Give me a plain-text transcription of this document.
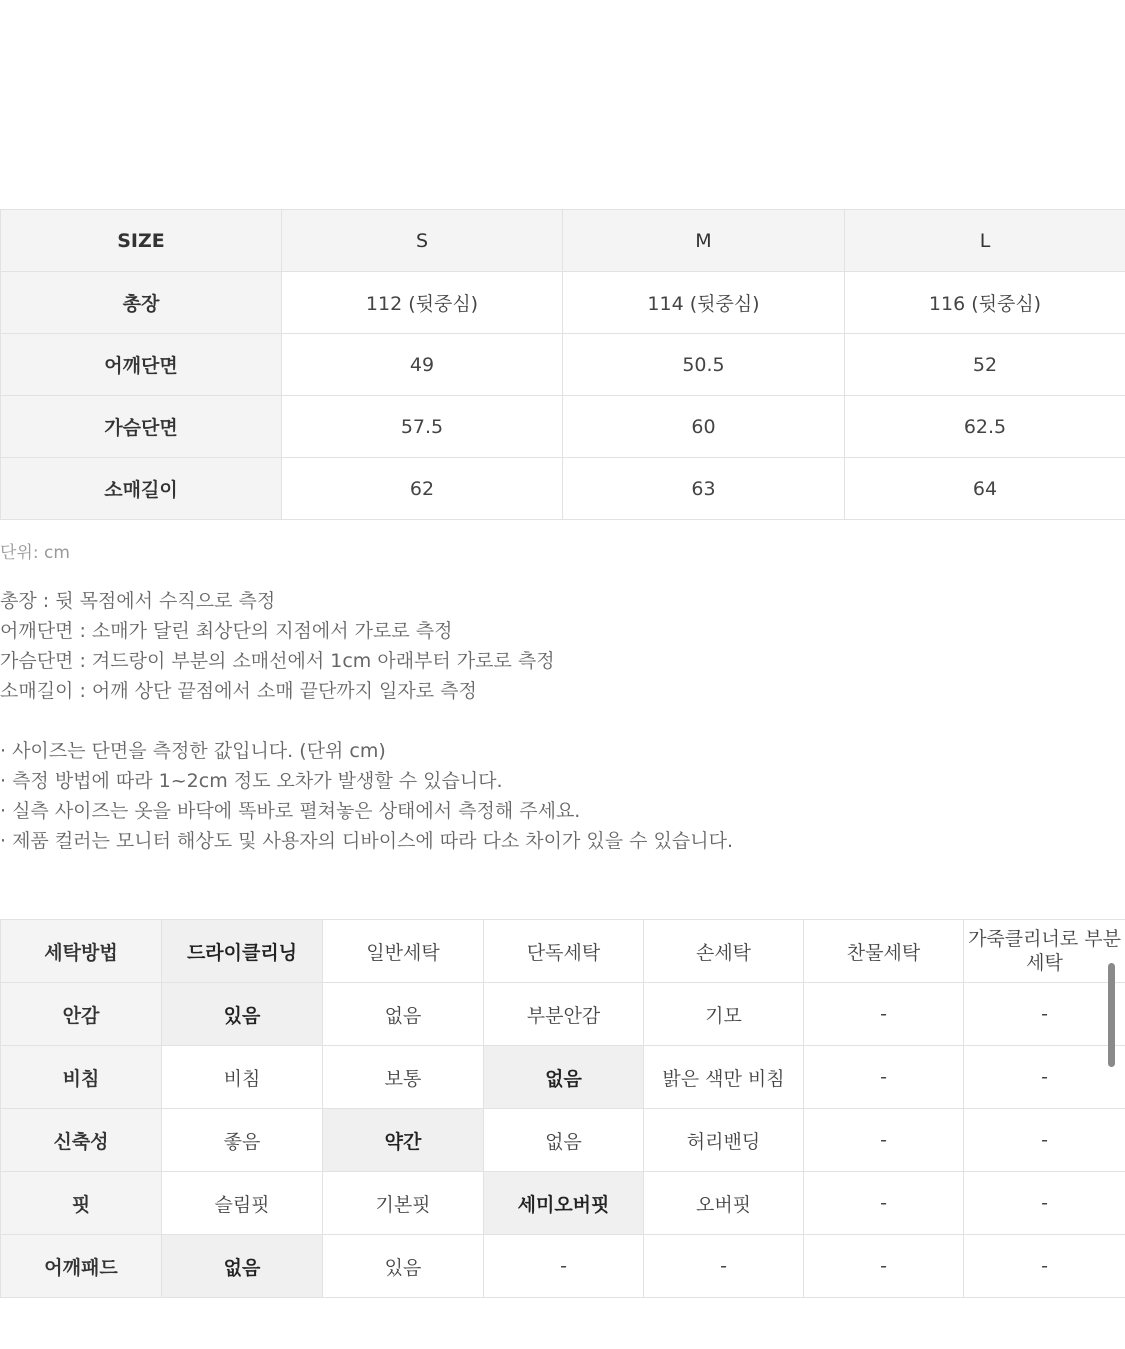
SIZE	S	M	L
총장	112 (뒷중심)	114 (뒷중심)	116 (뒷중심)
어깨단면	49	50.5	52
가슴단면	57.5	60	62.5
소매길이	62	63	64
단위: cm
총장 : 뒷 목점에서 수직으로 측정
어깨단면 : 소매가 달린 최상단의 지점에서 가로로 측정
가슴단면 : 겨드랑이 부분의 소매선에서 1cm 아래부터 가로로 측정
소매길이 : 어깨 상단 끝점에서 소매 끝단까지 일자로 측정
· 사이즈는 단면을 측정한 값입니다. (단위 cm)
· 측정 방법에 따라 1~2cm 정도 오차가 발생할 수 있습니다.
· 실측 사이즈는 옷을 바닥에 똑바로 펼쳐놓은 상태에서 측정해 주세요.
· 제품 컬러는 모니터 해상도 및 사용자의 디바이스에 따라 다소 차이가 있을 수 있습니다.
세탁방법	드라이클리닝	일반세탁	단독세탁	손세탁	찬물세탁	가죽클리너로 부분세탁
안감	있음	없음	부분안감	기모	-	-
비침	비침	보통	없음	밝은 색만 비침	-	-
신축성	좋음	약간	없음	허리밴딩	-	-
핏	슬림핏	기본핏	세미오버핏	오버핏	-	-
어깨패드	없음	있음	-	-	-	-
